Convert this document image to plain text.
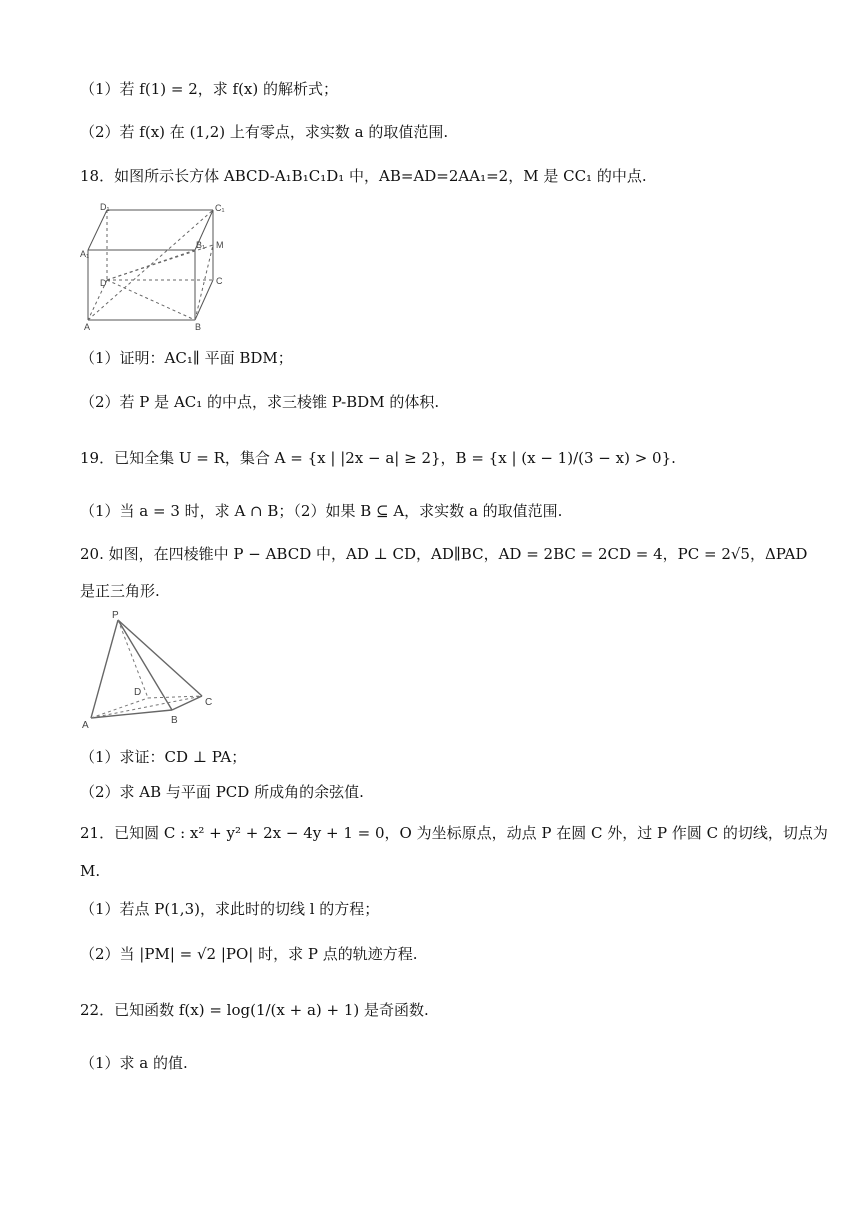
（1）若 f(1) = 2，求 f(x) 的解析式；
（2）若 f(x) 在 (1,2) 上有零点，求实数 a 的取值范围.
18．如图所示长方体 ABCD-A₁B₁C₁D₁ 中，AB=AD=2AA₁=2，M 是 CC₁ 的中点.
D₁	C₁
A₁
B₁ M
D	C
A	B
（1）证明：AC₁∥ 平面 BDM；
（2）若 P 是 AC₁ 的中点，求三棱锥 P-BDM 的体积.
19．已知全集 U = R，集合 A = {x | |2x − a| ≥ 2}，B = {x | (x − 1)/(3 − x) > 0}.
（1）当 a = 3 时，求 A ∩ B；（2）如果 B ⊆ A，求实数 a 的取值范围.
20. 如图，在四棱锥中 P − ABCD 中，AD ⊥ CD，AD∥BC，AD = 2BC = 2CD = 4，PC = 2√5，ΔPAD
是正三角形.
P
D
C
A	B
（1）求证：CD ⊥ PA；
（2）求 AB 与平面 PCD 所成角的余弦值.
21．已知圆 C : x² + y² + 2x − 4y + 1 = 0，O 为坐标原点，动点 P 在圆 C 外，过 P 作圆 C 的切线，切点为
M.
（1）若点 P(1,3)，求此时的切线 l 的方程；
（2）当 |PM| = √2 |PO| 时，求 P 点的轨迹方程.
22．已知函数 f(x) = log(1/(x + a) + 1) 是奇函数.
（1）求 a 的值.
